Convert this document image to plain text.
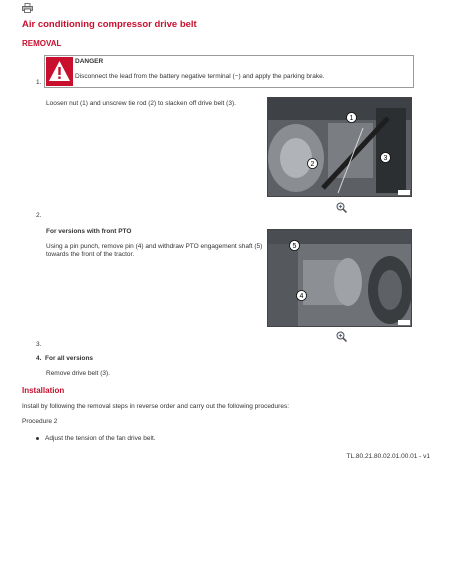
Air conditioning compressor drive belt
REMOVAL
1.
DANGER
Disconnect the lead from the battery negative terminal (−) and apply the parking brake.
Loosen nut (1) and unscrew tie rod (2) to slacken off drive belt (3).
1
2
3
2.
For versions with front PTO
Using a pin punch, remove pin (4) and withdraw PTO engagement shaft (5)
towards the front of the tractor.
5
4
3.
4. For all versions
Remove drive belt (3).
Installation
Install by following the removal steps in reverse order and carry out the following procedures:
Procedure 2
Adjust the tension of the fan drive belt.
TL.80.21.80.02.01.00.01 - v1
